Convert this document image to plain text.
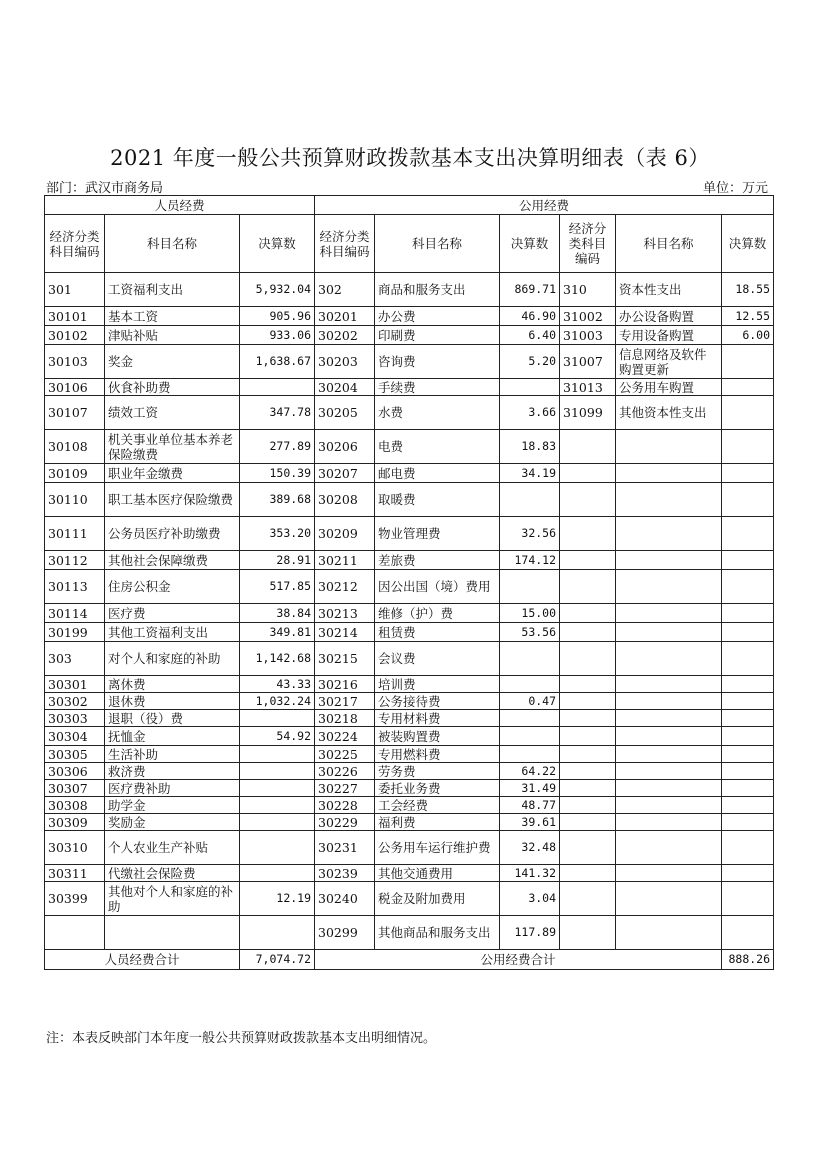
2021 年度一般公共预算财政拨款基本支出决算明细表（表 6）
部门：武汉市商务局	单位：万元
人员经费			公用经费					
经济分类科目编码	科目名称	决算数	经济分类科目编码	科目名称	决算数	经济分类科目编码	科目名称	决算数
301	工资福利支出	5,932.04	302	商品和服务支出	869.71	310	资本性支出	18.55
30101	基本工资	905.96	30201	办公费	46.90	31002	办公设备购置	12.55
30102	津贴补贴	933.06	30202	印刷费	6.40	31003	专用设备购置	6.00
30103	奖金	1,638.67	30203	咨询费	5.20	31007	信息网络及软件购置更新	
30106	伙食补助费		30204	手续费		31013	公务用车购置	
30107	绩效工资	347.78	30205	水费	3.66	31099	其他资本性支出	
30108	机关事业单位基本养老保险缴费	277.89	30206	电费	18.83			
30109	职业年金缴费	150.39	30207	邮电费	34.19			
30110	职工基本医疗保险缴费	389.68	30208	取暖费				
30111	公务员医疗补助缴费	353.20	30209	物业管理费	32.56			
30112	其他社会保障缴费	28.91	30211	差旅费	174.12			
30113	住房公积金	517.85	30212	因公出国（境）费用				
30114	医疗费	38.84	30213	维修（护）费	15.00			
30199	其他工资福利支出	349.81	30214	租赁费	53.56			
303	对个人和家庭的补助	1,142.68	30215	会议费				
30301	离休费	43.33	30216	培训费				
30302	退休费	1,032.24	30217	公务接待费	0.47			
30303	退职（役）费		30218	专用材料费				
30304	抚恤金	54.92	30224	被装购置费				
30305	生活补助		30225	专用燃料费				
30306	救济费		30226	劳务费	64.22			
30307	医疗费补助		30227	委托业务费	31.49			
30308	助学金		30228	工会经费	48.77			
30309	奖励金		30229	福利费	39.61			
30310	个人农业生产补贴		30231	公务用车运行维护费	32.48			
30311	代缴社会保险费		30239	其他交通费用	141.32			
30399	其他对个人和家庭的补助	12.19	30240	税金及附加费用	3.04			
			30299	其他商品和服务支出	117.89			
人员经费合计		7,074.72	公用经费合计					888.26
注：本表反映部门本年度一般公共预算财政拨款基本支出明细情况。
